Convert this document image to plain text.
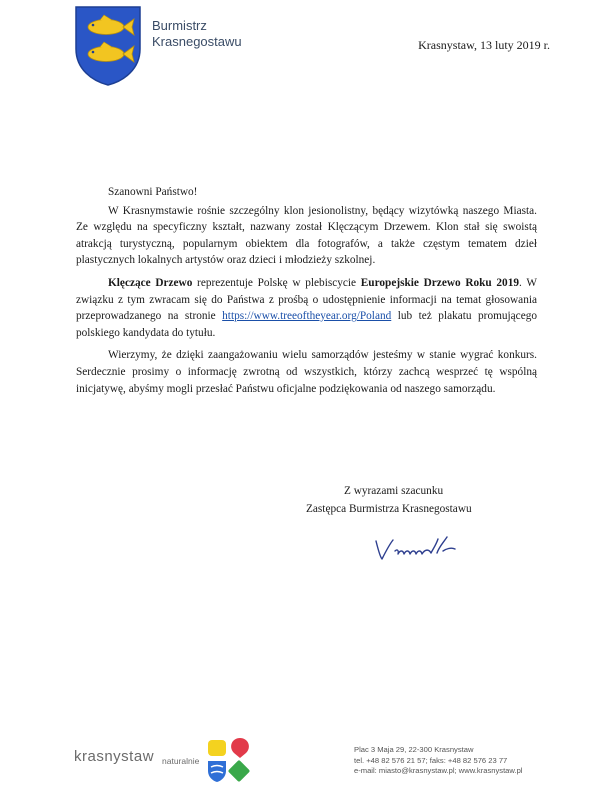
Burmistrz
Krasnegostawu	Krasnystaw, 13 luty 2019 r.

Szanowni Państwo!

W Krasnymstawie rośnie szczególny klon jesionolistny, będący wizytówką naszego Miasta. Ze względu na specyficzny kształt, nazwany został Klęczącym Drzewem. Klon stał się swoistą atrakcją turystyczną, popularnym obiektem dla fotografów, a także częstym tematem dzieł plastycznych lokalnych artystów oraz dzieci i młodzieży szkolnej.

Klęczące Drzewo reprezentuje Polskę w plebiscycie Europejskie Drzewo Roku 2019. W związku z tym zwracam się do Państwa z prośbą o udostępnienie informacji na temat głosowania przeprowadzanego na stronie https://www.treeoftheyear.org/Poland lub też plakatu promującego polskiego kandydata do tytułu.

Wierzymy, że dzięki zaangażowaniu wielu samorządów jesteśmy w stanie wygrać konkurs. Serdecznie prosimy o informację zwrotną od wszystkich, którzy zachcą wesprzeć tę wspólną inicjatywę, abyśmy mogli przesłać Państwu oficjalne podziękowania od naszego samorządu.

Z wyrazami szacunku
Zastępca Burmistrza Krasnegostawu
krasnystaw naturalnie
Plac 3 Maja 29, 22-300 Krasnystaw
tel. +48 82 576 21 57; faks: +48 82 576 23 77
e-mail: miasto@krasnystaw.pl; www.krasnystaw.pl
